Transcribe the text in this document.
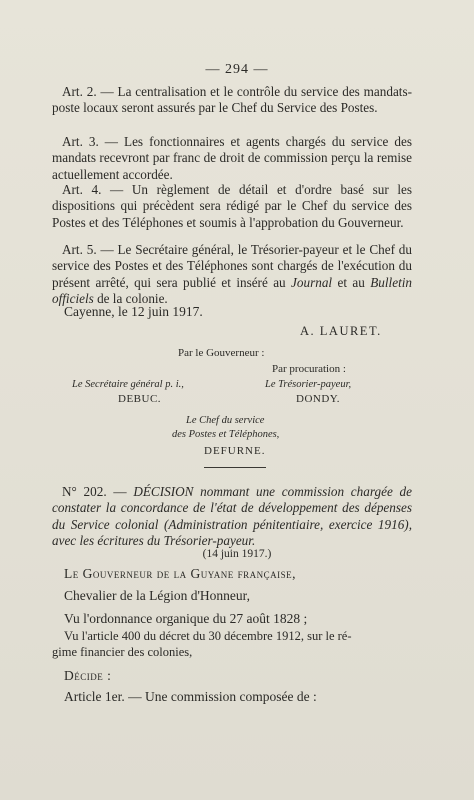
— 294 —

Art. 2. — La centralisation et le contrôle du service des mandats-poste locaux seront assurés par le Chef du Service des Postes.

Art. 3. — Les fonctionnaires et agents chargés du service des mandats recevront par franc de droit de commission perçu la remise actuellement accordée.

Art. 4. — Un règlement de détail et d'ordre basé sur les dispositions qui précèdent sera rédigé par le Chef du service des Postes et des Téléphones et soumis à l'approbation du Gouverneur.

Art. 5. — Le Secrétaire général, le Trésorier-payeur et le Chef du service des Postes et des Téléphones sont chargés de l'exécution du présent arrêté, qui sera publié et inséré au Journal et au Bulletin officiels de la colonie.

Cayenne, le 12 juin 1917.
A. LAURET.
Par le Gouverneur :
Par procuration :
Le Secrétaire général p. i.,
DEBUC.
Le Trésorier-payeur,
DONDY.
Le Chef du service
des Postes et Téléphones,
DEFURNE.

N° 202. — DÉCISION nommant une commission chargée de constater la concordance de l'état de développement des dépenses du Service colonial (Administration pénitentiaire, exercice 1916), avec les écritures du Trésorier-payeur.

(14 juin 1917.)
Le Gouverneur de la Guyane française,
Chevalier de la Légion d'Honneur,
Vu l'ordonnance organique du 27 août 1828 ;
Vu l'article 400 du décret du 30 décembre 1912, sur le ré-
gime financier des colonies,
Décide :
Article 1er. — Une commission composée de :
